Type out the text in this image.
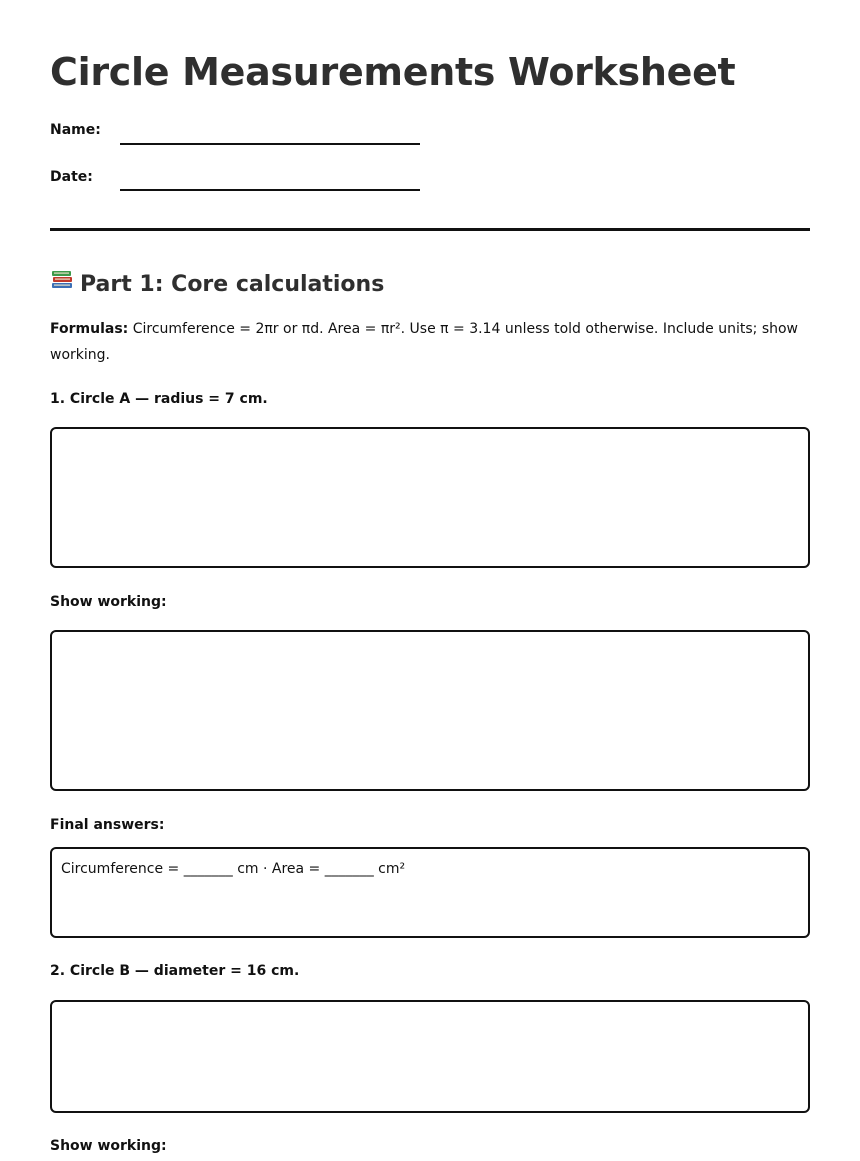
Circle Measurements Worksheet
Name:
Date:
Part 1: Core calculations
Formulas: Circumference = 2πr or πd. Area = πr². Use π = 3.14 unless told otherwise. Include units; show working.
1. Circle A — radius = 7 cm.
Show working:
Final answers:
Circumference = _______ cm · Area = _______ cm²
2. Circle B — diameter = 16 cm.
Show working:
